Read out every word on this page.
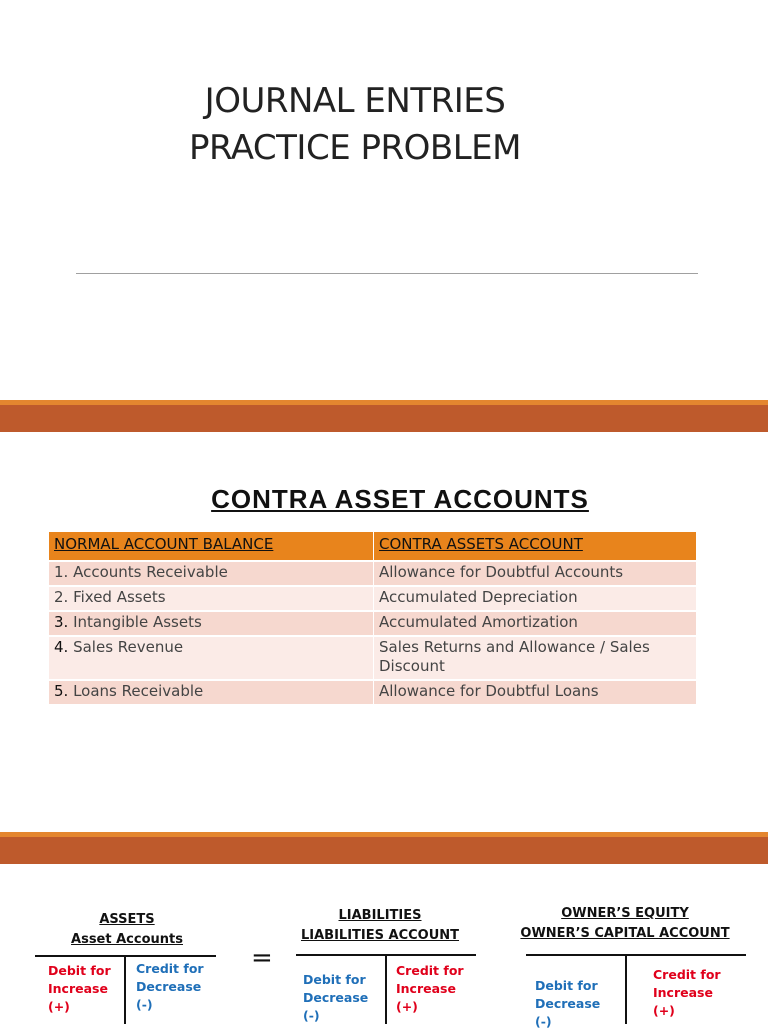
JOURNAL ENTRIES
PRACTICE PROBLEM
CONTRA ASSET ACCOUNTS
NORMAL ACCOUNT BALANCE	CONTRA ASSETS ACCOUNT
1. Accounts Receivable	Allowance for Doubtful Accounts
2. Fixed Assets	Accumulated Depreciation
3. Intangible Assets	Accumulated Amortization
4. Sales Revenue	Sales Returns and Allowance / Sales Discount
5. Loans Receivable	Allowance for Doubtful Loans
ASSETS
Asset Accounts
Debit for Increase (+)
Credit for Decrease (-)
=
LIABILITIES
LIABILITIES ACCOUNT
Debit for Decrease (-)
Credit for Increase (+)
OWNER’S EQUITY
OWNER’S CAPITAL ACCOUNT
Debit for Decrease (-)
Credit for Increase (+)
